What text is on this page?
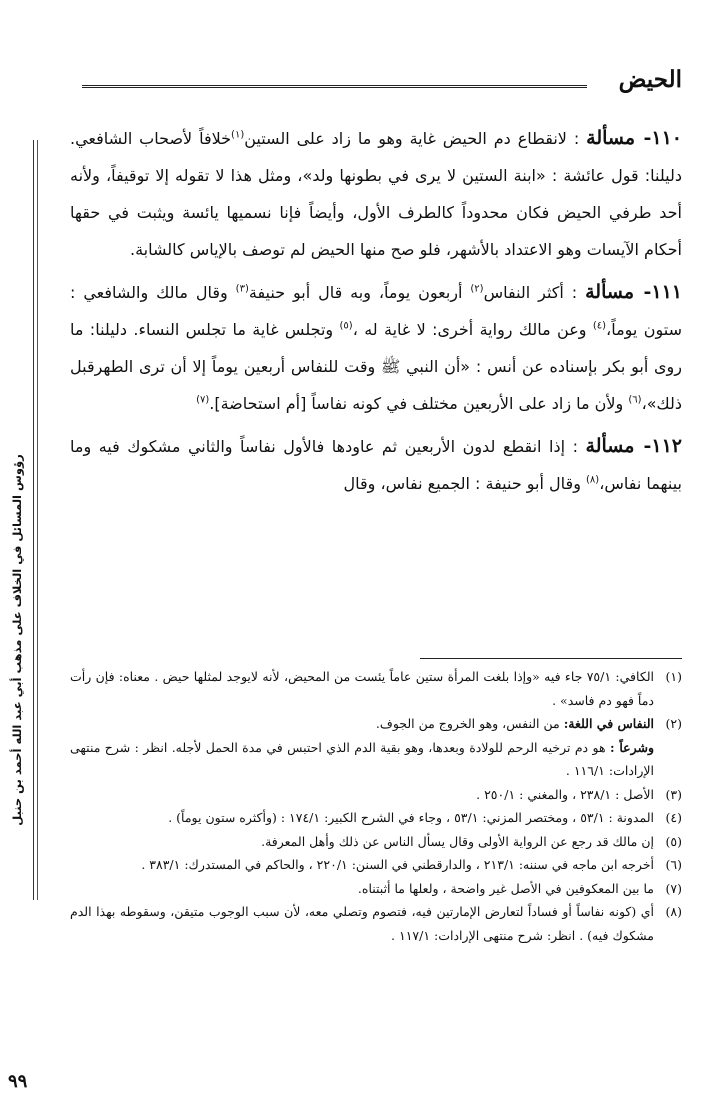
الحيض
رؤوس المسائل في الخلاف على مذهب أبي عبد الله أحمد بن حنبل

١١٠- مسألة : لانقطاع دم الحيض غاية وهو ما زاد على الستين$^{(١)}$خلافاً لأصحاب الشافعي. دليلنا: قول عائشة : «ابنة الستين لا يرى في بطونها ولد»، ومثل هذا لا تقوله إلا توقيفاً، ولأنه أحد طرفي الحيض فكان محدوداً كالطرف الأول، وأيضاً فإنا نسميها يائسة ويثبت في حقها أحكام الآيسات وهو الاعتداد بالأشهر، فلو صح منها الحيض لم توصف بالإياس كالشابة.

١١١- مسألة : أكثر النفاس$^{(٢)}$ أربعون يوماً، وبه قال أبو حنيفة$^{(٣)}$ وقال مالك والشافعي : ستون يوماً،$^{(٤)}$ وعن مالك رواية أخرى: لا غاية له ،$^{(٥)}$ وتجلس غاية ما تجلس النساء. دليلنا: ما روى أبو بكر بإسناده عن أنس : «أن النبي ﷺ وقت للنفاس أربعين يوماً إلا أن ترى الطهرقبل ذلك»،$^{(٦)}$ ولأن ما زاد على الأربعين مختلف في كونه نفاساً [أم استحاضة].$^{(٧)}$

١١٢- مسألة : إذا انقطع لدون الأربعين ثم عاودها فالأول نفاساً والثاني مشكوك فيه وما بينهما نفاس،$^{(٨)}$ وقال أبو حنيفة : الجميع نفاس، وقال

(١)
الكافي: ٧٥/١ جاء فيه «وإذا بلغت المرأة ستين عاماً يئست من المحيض، لأنه لايوجد لمثلها حيض . معناه: فإن رأت دماً فهو دم فاسد» .
(٢)
النفاس في اللغة: من النفس، وهو الخروج من الجوف.
وشرعاً : هو دم ترخيه الرحم للولادة وبعدها، وهو بقية الدم الذي احتبس في مدة الحمل لأجله. انظر : شرح منتهى الإرادات: ١١٦/١ .
(٣)
الأصل : ٢٣٨/١ ، والمغني : ٢٥٠/١ .
(٤)
المدونة : ٥٣/١ ، ومختصر المزني: ٥٣/١ ، وجاء في الشرح الكبير: ١٧٤/١ : (وأكثره ستون يوماً) .
(٥)
إن مالك قد رجع عن الرواية الأولى وقال يسأل الناس عن ذلك وأهل المعرفة.
(٦)
أخرجه ابن ماجه في سننه: ٢١٣/١ ، والدارقطني في السنن: ٢٢٠/١ ، والحاكم في المستدرك: ٣٨٣/١ .
(٧)
ما بين المعكوفين في الأصل غير واضحة ، ولعلها ما أثبتناه.
(٨)
أي (كونه نفاساً أو فساداً لتعارض الإمارتين فيه، فتصوم وتصلي معه، لأن سبب الوجوب متيقن، وسقوطه بهذا الدم مشكوك فيه) . انظر: شرح منتهى الإرادات: ١١٧/١ .
٩٩
